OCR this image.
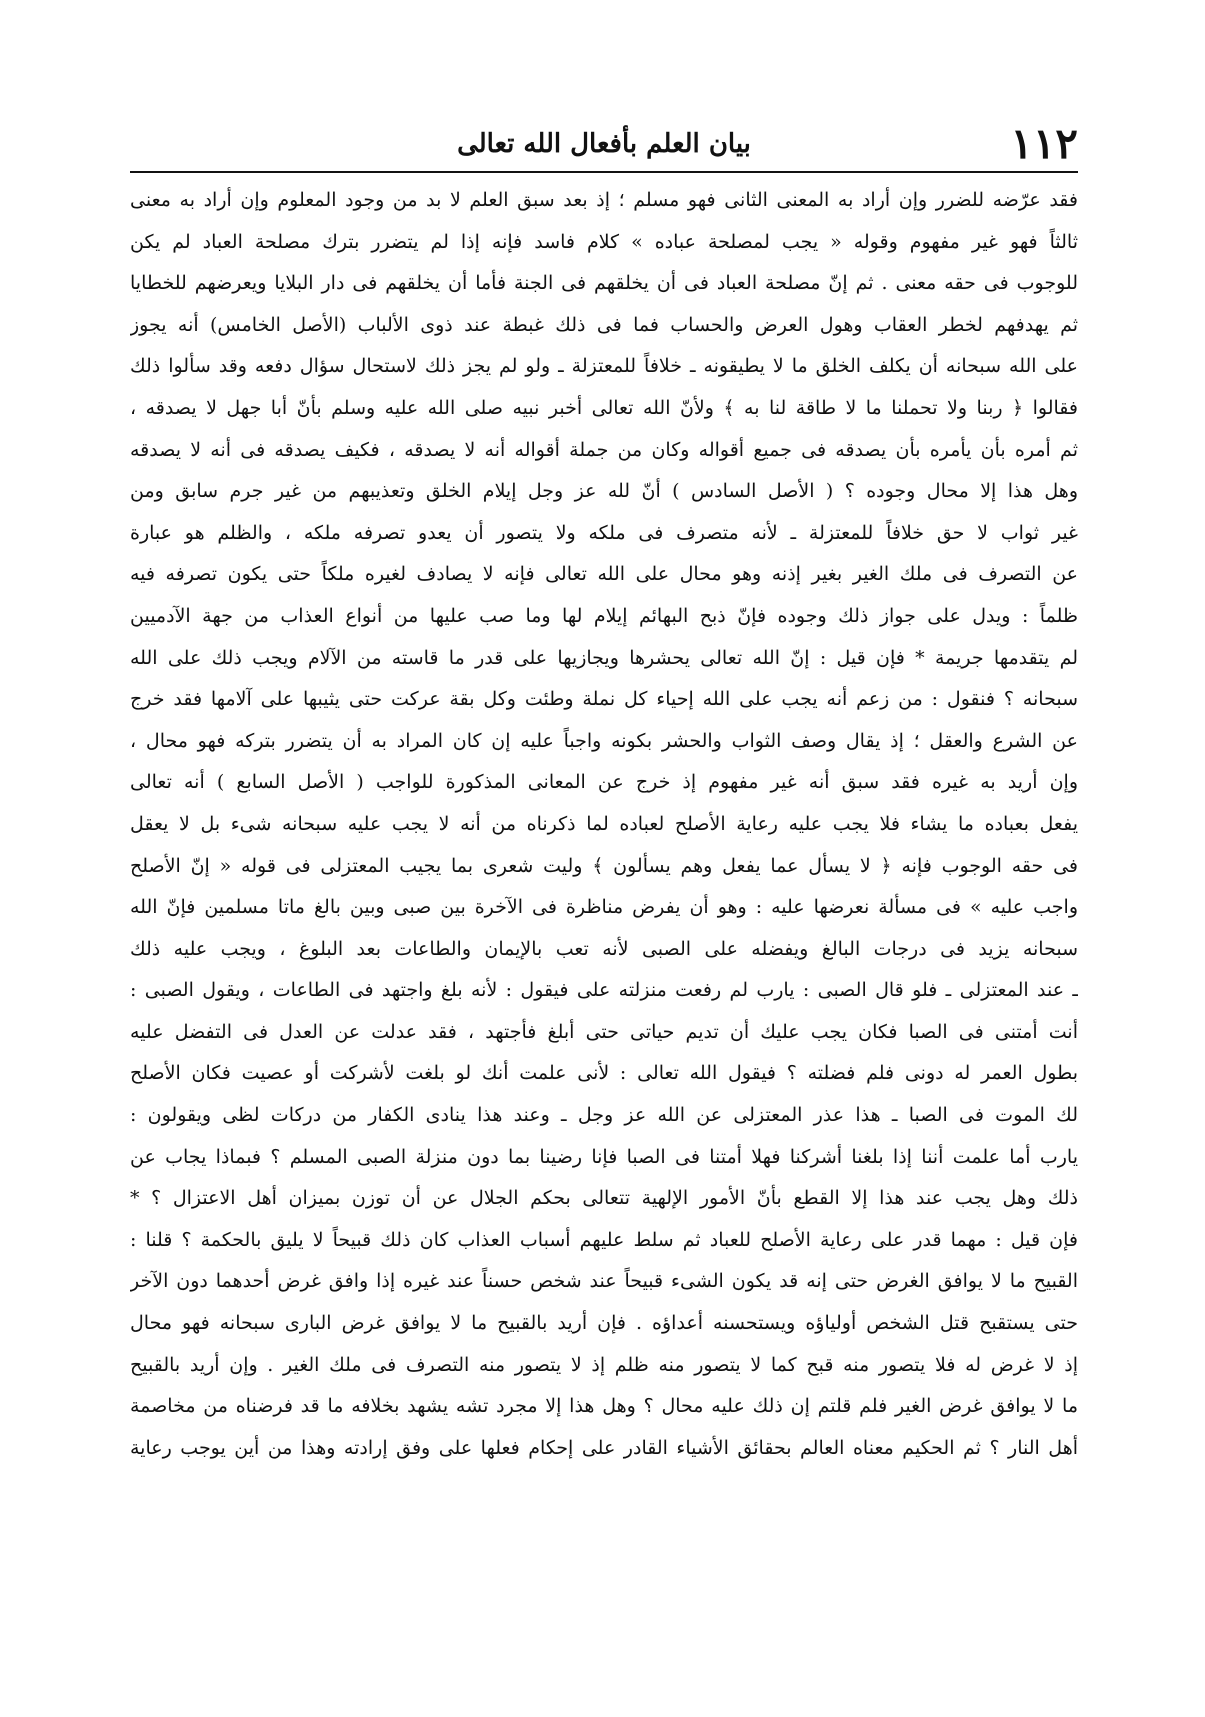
١١٢
بيان العلم بأفعال الله تعالى
فقد عرّضه للضرر وإن أراد به المعنى الثانى فهو مسلم ؛ إذ بعد سبق العلم لا بد من وجود المعلوم وإن أراد به معنى
ثالثاً فهو غير مفهوم وقوله « يجب لمصلحة عباده » كلام فاسد فإنه إذا لم يتضرر بترك مصلحة العباد لم يكن
للوجوب فى حقه معنى . ثم إنّ مصلحة العباد فى أن يخلقهم فى الجنة فأما أن يخلقهم فى دار البلايا ويعرضهم للخطايا
ثم يهدفهم لخطر العقاب وهول العرض والحساب فما فى ذلك غبطة عند ذوى الألباب (الأصل الخامس) أنه يجوز
على الله سبحانه أن يكلف الخلق ما لا يطيقونه ـ خلافاً للمعتزلة ـ ولو لم يجز ذلك لاستحال سؤال دفعه وقد سألوا ذلك
فقالوا ﴿ ربنا ولا تحملنا ما لا طاقة لنا به ﴾ ولأنّ الله تعالى أخبر نبيه صلى الله عليه وسلم بأنّ أبا جهل لا يصدقه ،
ثم أمره بأن يأمره بأن يصدقه فى جميع أقواله وكان من جملة أقواله أنه لا يصدقه ، فكيف يصدقه فى أنه لا يصدقه
وهل هذا إلا محال وجوده ؟ ( الأصل السادس ) أنّ لله عز وجل إيلام الخلق وتعذيبهم من غير جرم سابق ومن
غير ثواب لا حق خلافاً للمعتزلة ـ لأنه متصرف فى ملكه ولا يتصور أن يعدو تصرفه ملكه ، والظلم هو عبارة
عن التصرف فى ملك الغير بغير إذنه وهو محال على الله تعالى فإنه لا يصادف لغيره ملكاً حتى يكون تصرفه فيه
ظلماً : ويدل على جواز ذلك وجوده فإنّ ذبح البهائم إيلام لها وما صب عليها من أنواع العذاب من جهة الآدميين
لم يتقدمها جريمة * فإن قيل : إنّ الله تعالى يحشرها ويجازيها على قدر ما قاسته من الآلام ويجب ذلك على الله
سبحانه ؟ فنقول : من زعم أنه يجب على الله إحياء كل نملة وطئت وكل بقة عركت حتى يثيبها على آلامها فقد خرج
عن الشرع والعقل ؛ إذ يقال وصف الثواب والحشر بكونه واجباً عليه إن كان المراد به أن يتضرر بتركه فهو محال ،
وإن أريد به غيره فقد سبق أنه غير مفهوم إذ خرج عن المعانى المذكورة للواجب ( الأصل السابع ) أنه تعالى
يفعل بعباده ما يشاء فلا يجب عليه رعاية الأصلح لعباده لما ذكرناه من أنه لا يجب عليه سبحانه شىء بل لا يعقل
فى حقه الوجوب فإنه ﴿ لا يسأل عما يفعل وهم يسألون ﴾ وليت شعرى بما يجيب المعتزلى فى قوله « إنّ الأصلح
واجب عليه » فى مسألة نعرضها عليه : وهو أن يفرض مناظرة فى الآخرة بين صبى وبين بالغ ماتا مسلمين فإنّ الله
سبحانه يزيد فى درجات البالغ ويفضله على الصبى لأنه تعب بالإيمان والطاعات بعد البلوغ ، ويجب عليه ذلك
ـ عند المعتزلى ـ فلو قال الصبى : يارب لم رفعت منزلته على فيقول : لأنه بلغ واجتهد فى الطاعات ، ويقول الصبى :
أنت أمتنى فى الصبا فكان يجب عليك أن تديم حياتى حتى أبلغ فأجتهد ، فقد عدلت عن العدل فى التفضل عليه
بطول العمر له دونى فلم فضلته ؟ فيقول الله تعالى : لأنى علمت أنك لو بلغت لأشركت أو عصيت فكان الأصلح
لك الموت فى الصبا ـ هذا عذر المعتزلى عن الله عز وجل ـ وعند هذا ينادى الكفار من دركات لظى ويقولون :
يارب أما علمت أننا إذا بلغنا أشركنا فهلا أمتنا فى الصبا فإنا رضينا بما دون منزلة الصبى المسلم ؟ فبماذا يجاب عن
ذلك وهل يجب عند هذا إلا القطع بأنّ الأمور الإلهية تتعالى بحكم الجلال عن أن توزن بميزان أهل الاعتزال ؟ *
فإن قيل : مهما قدر على رعاية الأصلح للعباد ثم سلط عليهم أسباب العذاب كان ذلك قبيحاً لا يليق بالحكمة ؟ قلنا :
القبيح ما لا يوافق الغرض حتى إنه قد يكون الشىء قبيحاً عند شخص حسناً عند غيره إذا وافق غرض أحدهما دون الآخر
حتى يستقبح قتل الشخص أولياؤه ويستحسنه أعداؤه . فإن أريد بالقبيح ما لا يوافق غرض البارى سبحانه فهو محال
إذ لا غرض له فلا يتصور منه قبح كما لا يتصور منه ظلم إذ لا يتصور منه التصرف فى ملك الغير . وإن أريد بالقبيح
ما لا يوافق غرض الغير فلم قلتم إن ذلك عليه محال ؟ وهل هذا إلا مجرد تشه يشهد بخلافه ما قد فرضناه من مخاصمة
أهل النار ؟ ثم الحكيم معناه العالم بحقائق الأشياء القادر على إحكام فعلها على وفق إرادته وهذا من أين يوجب رعاية
